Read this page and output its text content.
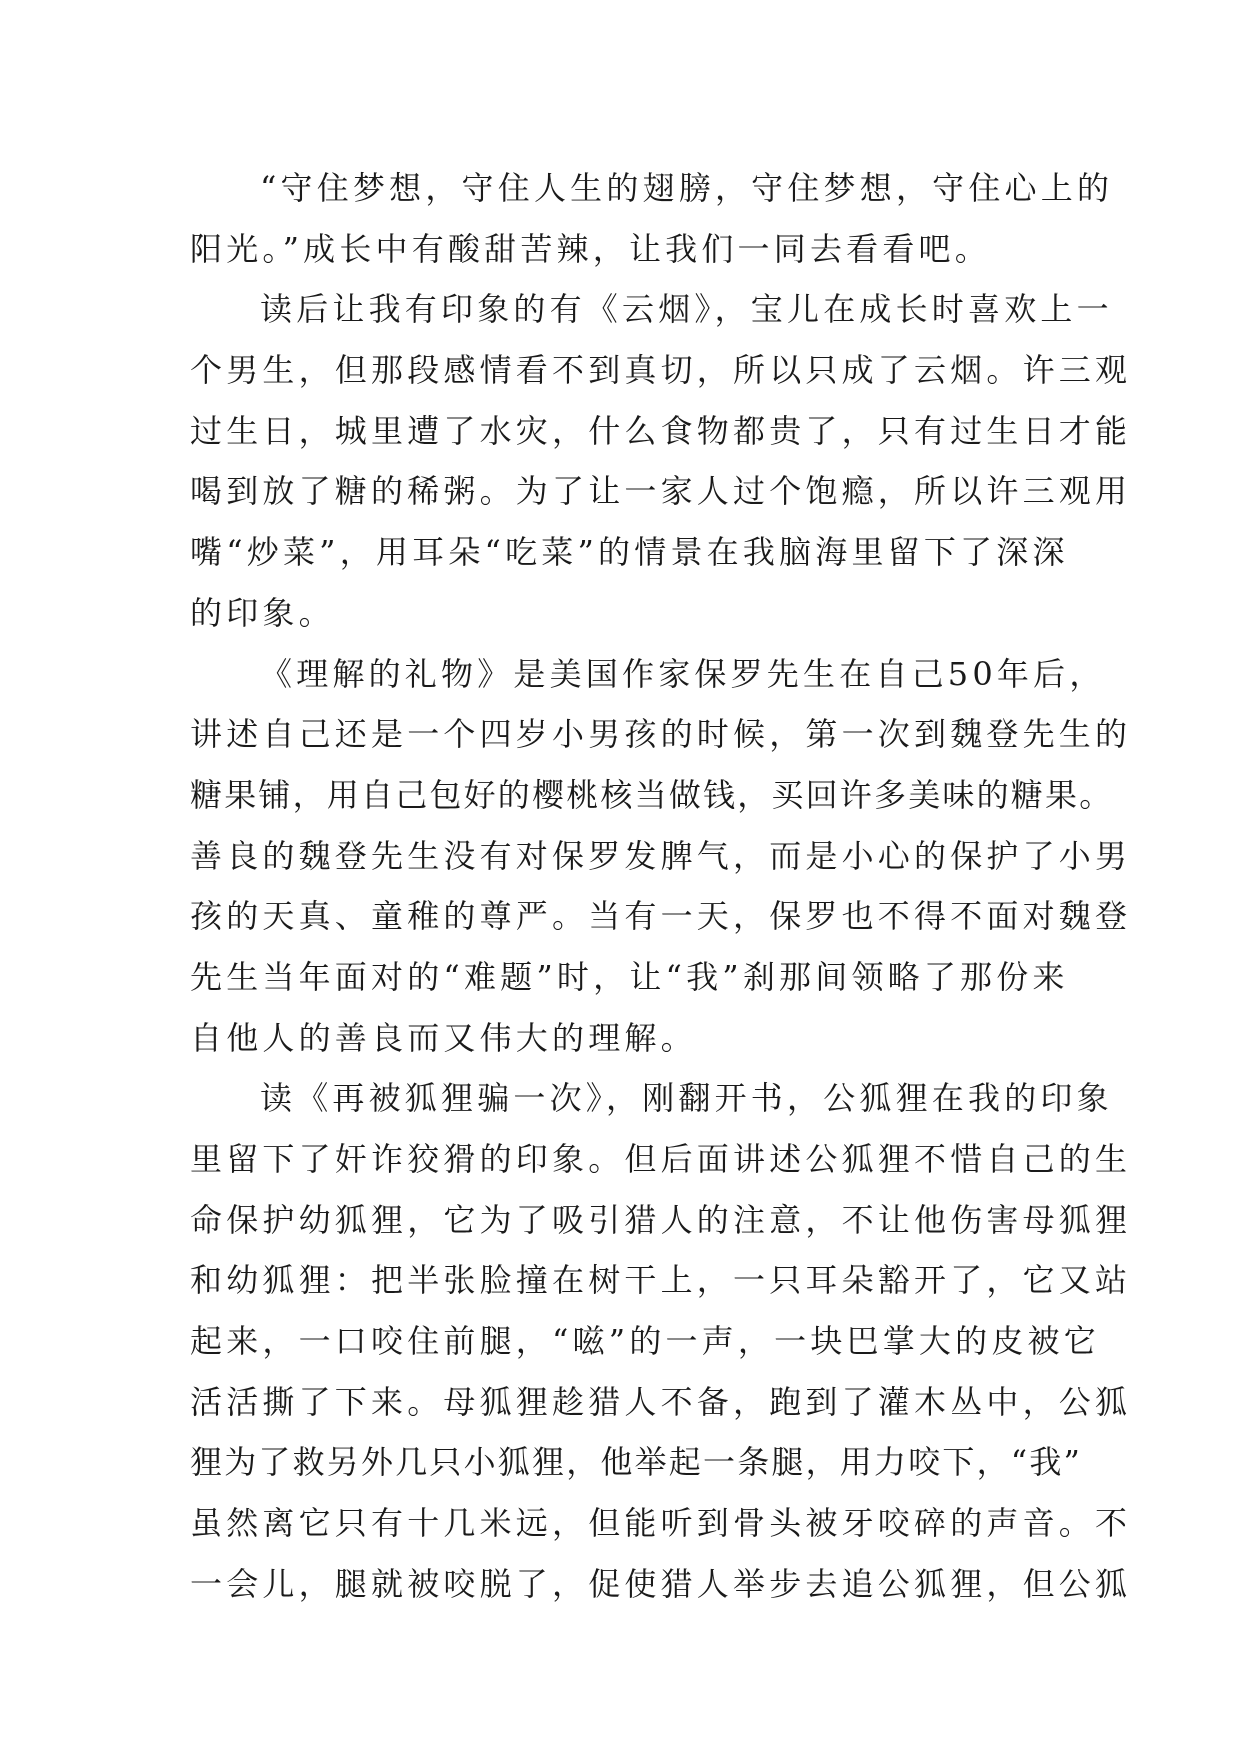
“守住梦想，守住人生的翅膀，守住梦想，守住心上的
阳光。”成长中有酸甜苦辣，让我们一同去看看吧。
读后让我有印象的有《云烟》，宝儿在成长时喜欢上一
个男生，但那段感情看不到真切，所以只成了云烟。许三观
过生日，城里遭了水灾，什么食物都贵了，只有过生日才能
喝到放了糖的稀粥。为了让一家人过个饱瘾，所以许三观用
嘴“炒菜”，用耳朵“吃菜”的情景在我脑海里留下了深深
的印象。
《理解的礼物》是美国作家保罗先生在自己50年后，
讲述自己还是一个四岁小男孩的时候，第一次到魏登先生的
糖果铺，用自己包好的樱桃核当做钱，买回许多美味的糖果。
善良的魏登先生没有对保罗发脾气，而是小心的保护了小男
孩的天真、童稚的尊严。当有一天，保罗也不得不面对魏登
先生当年面对的“难题”时，让“我”刹那间领略了那份来
自他人的善良而又伟大的理解。
读《再被狐狸骗一次》，刚翻开书，公狐狸在我的印象
里留下了奸诈狡猾的印象。但后面讲述公狐狸不惜自己的生
命保护幼狐狸，它为了吸引猎人的注意，不让他伤害母狐狸
和幼狐狸：把半张脸撞在树干上，一只耳朵豁开了，它又站
起来，一口咬住前腿，“嗞”的一声，一块巴掌大的皮被它
活活撕了下来。母狐狸趁猎人不备，跑到了灌木丛中，公狐
狸为了救另外几只小狐狸，他举起一条腿，用力咬下，“我”
虽然离它只有十几米远，但能听到骨头被牙咬碎的声音。不
一会儿，腿就被咬脱了，促使猎人举步去追公狐狸，但公狐
